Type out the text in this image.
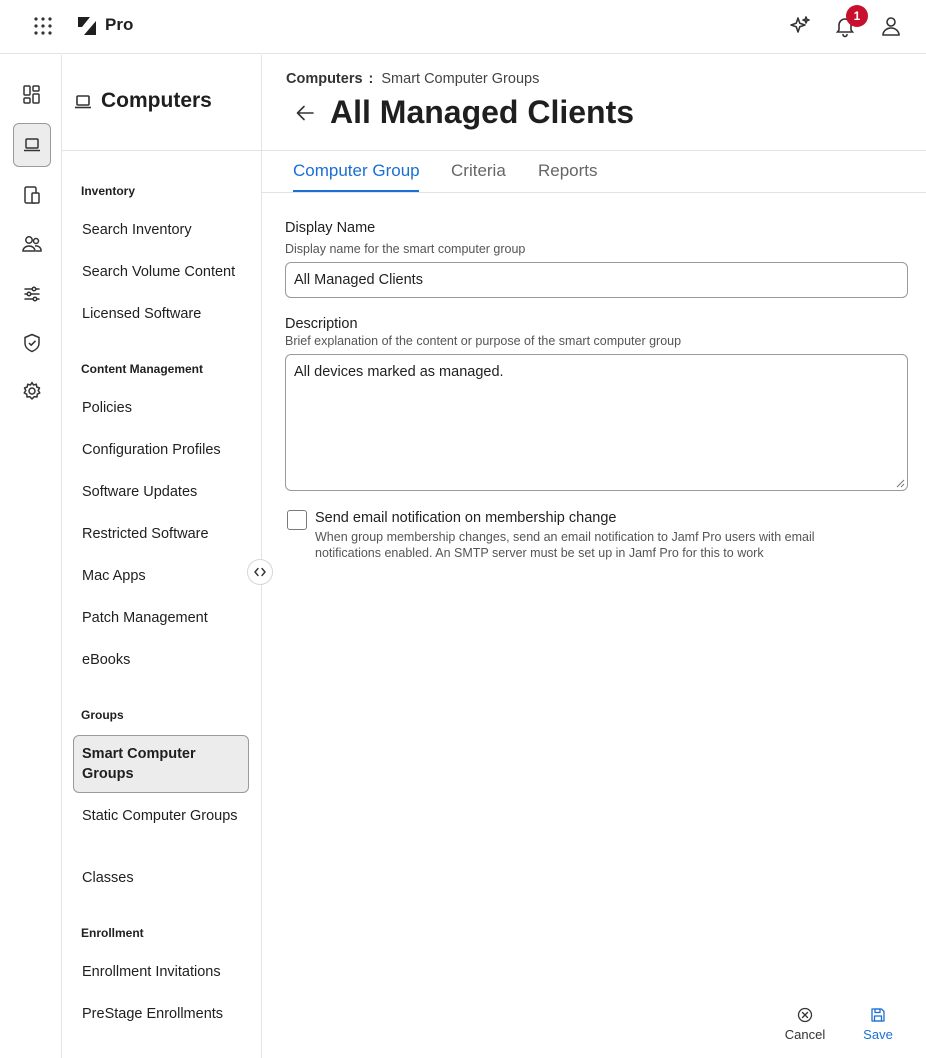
Pro	1
Computers
Inventory
Search Inventory
Search Volume Content
Licensed Software
Content Management
Policies
Configuration Profiles
Software Updates
Restricted Software
Mac Apps
Patch Management
eBooks
Groups
Smart Computer Groups
Static Computer Groups
Classes
Enrollment
Enrollment Invitations
PreStage Enrollments
Computers : Smart Computer Groups
All Managed Clients
Computer Group Criteria Reports
Display Name
Display name for the smart computer group
All Managed Clients
Description
Brief explanation of the content or purpose of the smart computer group
All devices marked as managed.
Send email notification on membership change
When group membership changes, send an email notification to Jamf Pro users with email notifications enabled. An SMTP server must be set up in Jamf Pro for this to work
Cancel	Save
